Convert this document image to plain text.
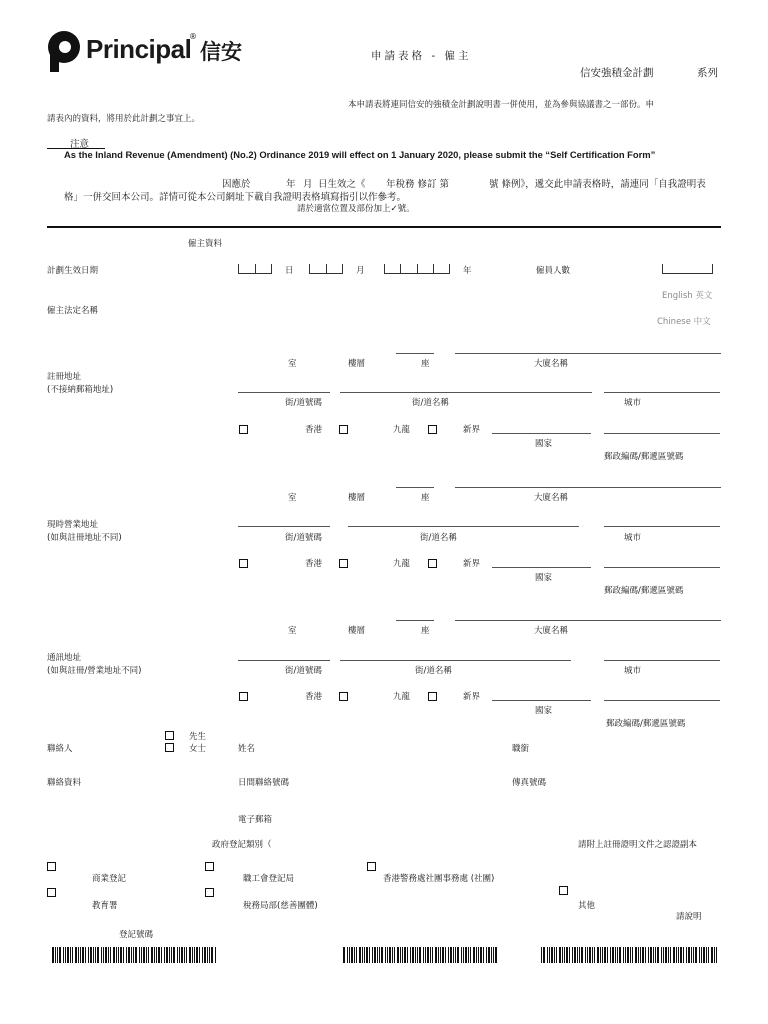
Principal
®
信安	申請表格 - 僱主
信安強積金計劃	系列
本申請表將連同信安的強積金計劃說明書一併使用，並為參與協議書之一部份。申
請表內的資料，將用於此計劃之事宜上。
注意
As the Inland Revenue (Amendment) (No.2) Ordinance 2019 will effect on 1 January 2020, please submit the “Self Certification Form”
因應於	年 月 日生效之《 年稅務 修訂 第	號 條例》，遞交此申請表格時，請連同「自我證明表
格」一併交回本公司。詳情可從本公司網址下載自我證明表格填寫指引以作參考。
請於適當位置及部份加上✓號。
僱主資料
計劃生效日期	日	月	年	僱員人數
English 英文
僱主法定名稱
Chinese 中文
室	樓層	座	大廈名稱
註冊地址
(不接納郵箱地址)
街/道號碼	街/道名稱	城市
香港	九龍	新界
國家
郵政編碼/郵遞區號碼
室	樓層	座	大廈名稱
現時營業地址
(如與註冊地址不同)	街/道號碼	街/道名稱	城市
香港	九龍	新界
國家
郵政編碼/郵遞區號碼
室	樓層	座	大廈名稱
通訊地址
(如與註冊/營業地址不同)	街/道號碼	街/道名稱	城市
香港	九龍	新界
國家
郵政編碼/郵遞區號碼
先生
女士
聯絡人	姓名	職銜
聯絡資料	日間聯絡號碼	傳真號碼
電子郵箱
政府登記類別（	請附上註冊證明文件之認證副本
商業登記	職工會登記局	香港警務處社團事務處 (社團)
教育署	稅務局部(慈善團體)	其他
請說明
登記號碼
